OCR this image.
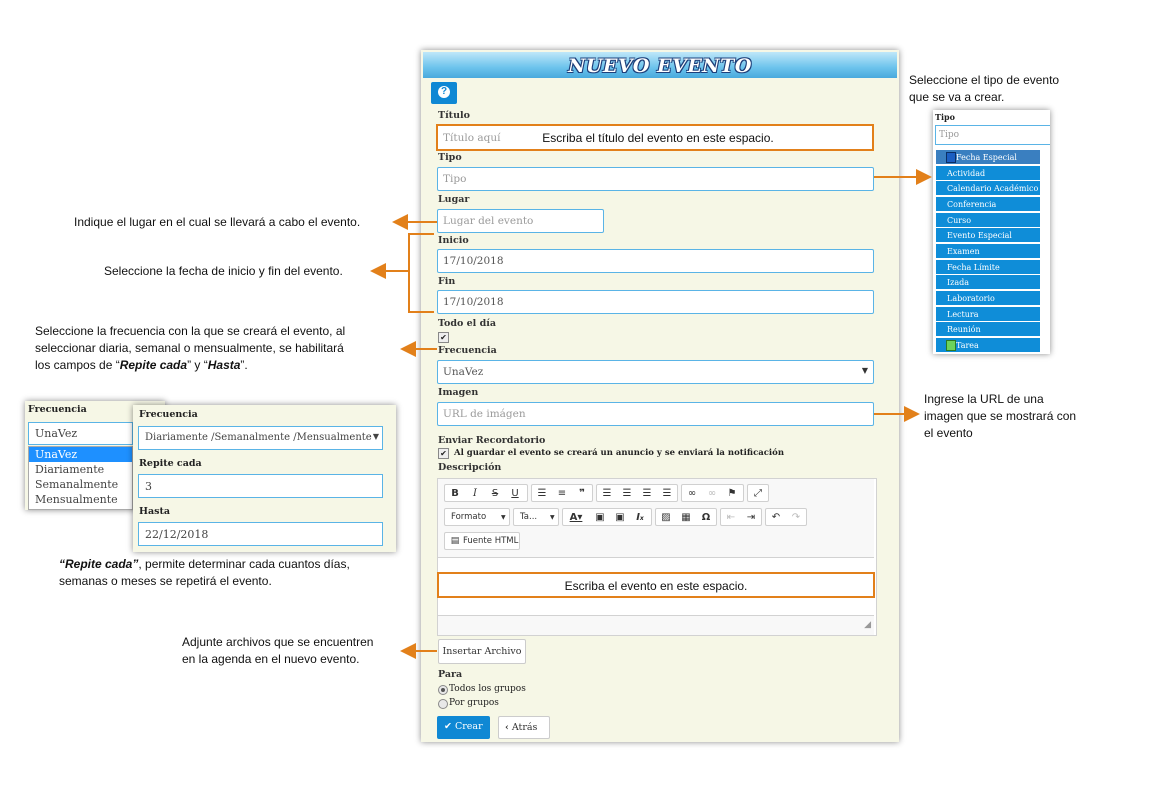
NUEVO EVENTO
?
Título
Título aquí	Escriba el título del evento en este espacio.
Tipo
Tipo
Lugar
Lugar del evento
Inicio
17/10/2018
Fin
17/10/2018
Todo el día
✔
Frecuencia
UnaVez	▼
Imagen
URL de imágen
Enviar Recordatorio
✔ Al guardar el evento se creará un anuncio y se enviará la notificación
Descripción
B	I	S	U	☰	≡	❞	☰	☰	☰	☰	∞	∞	⚑	⤢
Formato ▼ Ta... ▼	A▾	▣	▣	Ix	▨	▦	Ω	⇤	⇥	↶	↷
▤ Fuente HTML
Escriba el evento en este espacio.
◢
Insertar Archivo
Para
Todos los grupos
Por grupos
✔ Crear	‹ Atrás
Tipo
Tipo
Fecha Especial
Actividad
Calendario Académico
Conferencia
Curso
Evento Especial
Examen
Fecha Límite
Izada
Laboratorio
Lectura
Reunión
Tarea
Frecuencia
UnaVez
UnaVez
Diariamente
Semanalmente
Mensualmente
Frecuencia
Diariamente /Semanalmente /Mensualmente ▼
Repite cada
3
Hasta
22/12/2018
Indique el lugar en el cual se llevará a cabo el evento.
Seleccione la fecha de inicio y fin del evento.
Seleccione la frecuencia con la que se creará el evento, al
seleccionar diaria, semanal o mensualmente, se habilitará
los campos de “Repite cada” y “Hasta”.
“Repite cada”, permite determinar cada cuantos días,
semanas o meses se repetirá el evento.
Adjunte archivos que se encuentren
en la agenda en el nuevo evento.
Seleccione el tipo de evento
que se va a crear.
Ingrese la URL de una
imagen que se mostrará con
el evento
